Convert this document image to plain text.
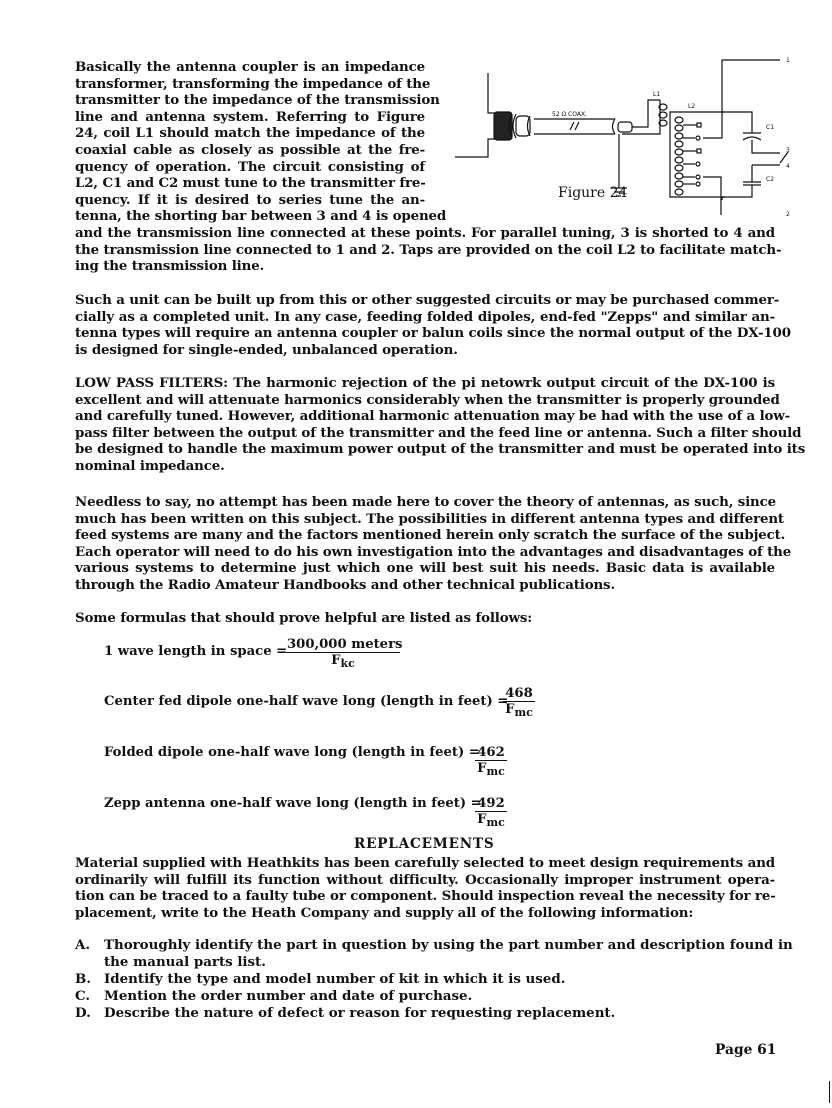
Basically the antenna coupler is an impedance
transformer, transforming the impedance of the
transmitter to the impedance of the transmission
line and antenna system. Referring to Figure
24, coil L1 should match the impedance of the
coaxial cable as closely as possible at the fre-
quency of operation. The circuit consisting of
L2, C1 and C2 must tune to the transmitter fre-
quency. If it is desired to series tune the an-
tenna, the shorting bar between 3 and 4 is opened
and the transmission line connected at these points. For parallel tuning, 3 is shorted to 4 and
the transmission line connected to 1 and 2. Taps are provided on the coil L2 to facilitate match-
ing the transmission line.
52 Ω COAX.
L1
L2
C1
C2
1
2
3
4
Figure 24
Such a unit can be built up from this or other suggested circuits or may be purchased commer-
cially as a completed unit. In any case, feeding folded dipoles, end-fed "Zepps" and similar an-
tenna types will require an antenna coupler or balun coils since the normal output of the DX-100
is designed for single-ended, unbalanced operation.
LOW PASS FILTERS: The harmonic rejection of the pi netowrk output circuit of the DX-100 is
excellent and will attenuate harmonics considerably when the transmitter is properly grounded
and carefully tuned. However, additional harmonic attenuation may be had with the use of a low-
pass filter between the output of the transmitter and the feed line or antenna. Such a filter should
be designed to handle the maximum power output of the transmitter and must be operated into its
nominal impedance.
Needless to say, no attempt has been made here to cover the theory of antennas, as such, since
much has been written on this subject. The possibilities in different antenna types and different
feed systems are many and the factors mentioned herein only scratch the surface of the subject.
Each operator will need to do his own investigation into the advantages and disadvantages of the
various systems to determine just which one will best suit his needs. Basic data is available
through the Radio Amateur Handbooks and other technical publications.
Some formulas that should prove helpful are listed as follows:
1 wave length in space = 300,000 meters
$F_{kc}$
Center fed dipole one-half wave long (length in feet) =
468
$F_{mc}$
Folded dipole one-half wave long (length in feet) =
462
$F_{mc}$
Zepp antenna one-half wave long (length in feet) =
492
$F_{mc}$
REPLACEMENTS
Material supplied with Heathkits has been carefully selected to meet design requirements and
ordinarily will fulfill its function without difficulty. Occasionally improper instrument opera-
tion can be traced to a faulty tube or component. Should inspection reveal the necessity for re-
placement, write to the Heath Company and supply all of the following information:
A. Thoroughly identify the part in question by using the part number and description found in
the manual parts list.
B. Identify the type and model number of kit in which it is used.
C. Mention the order number and date of purchase.
D. Describe the nature of defect or reason for requesting replacement.
Page 61
